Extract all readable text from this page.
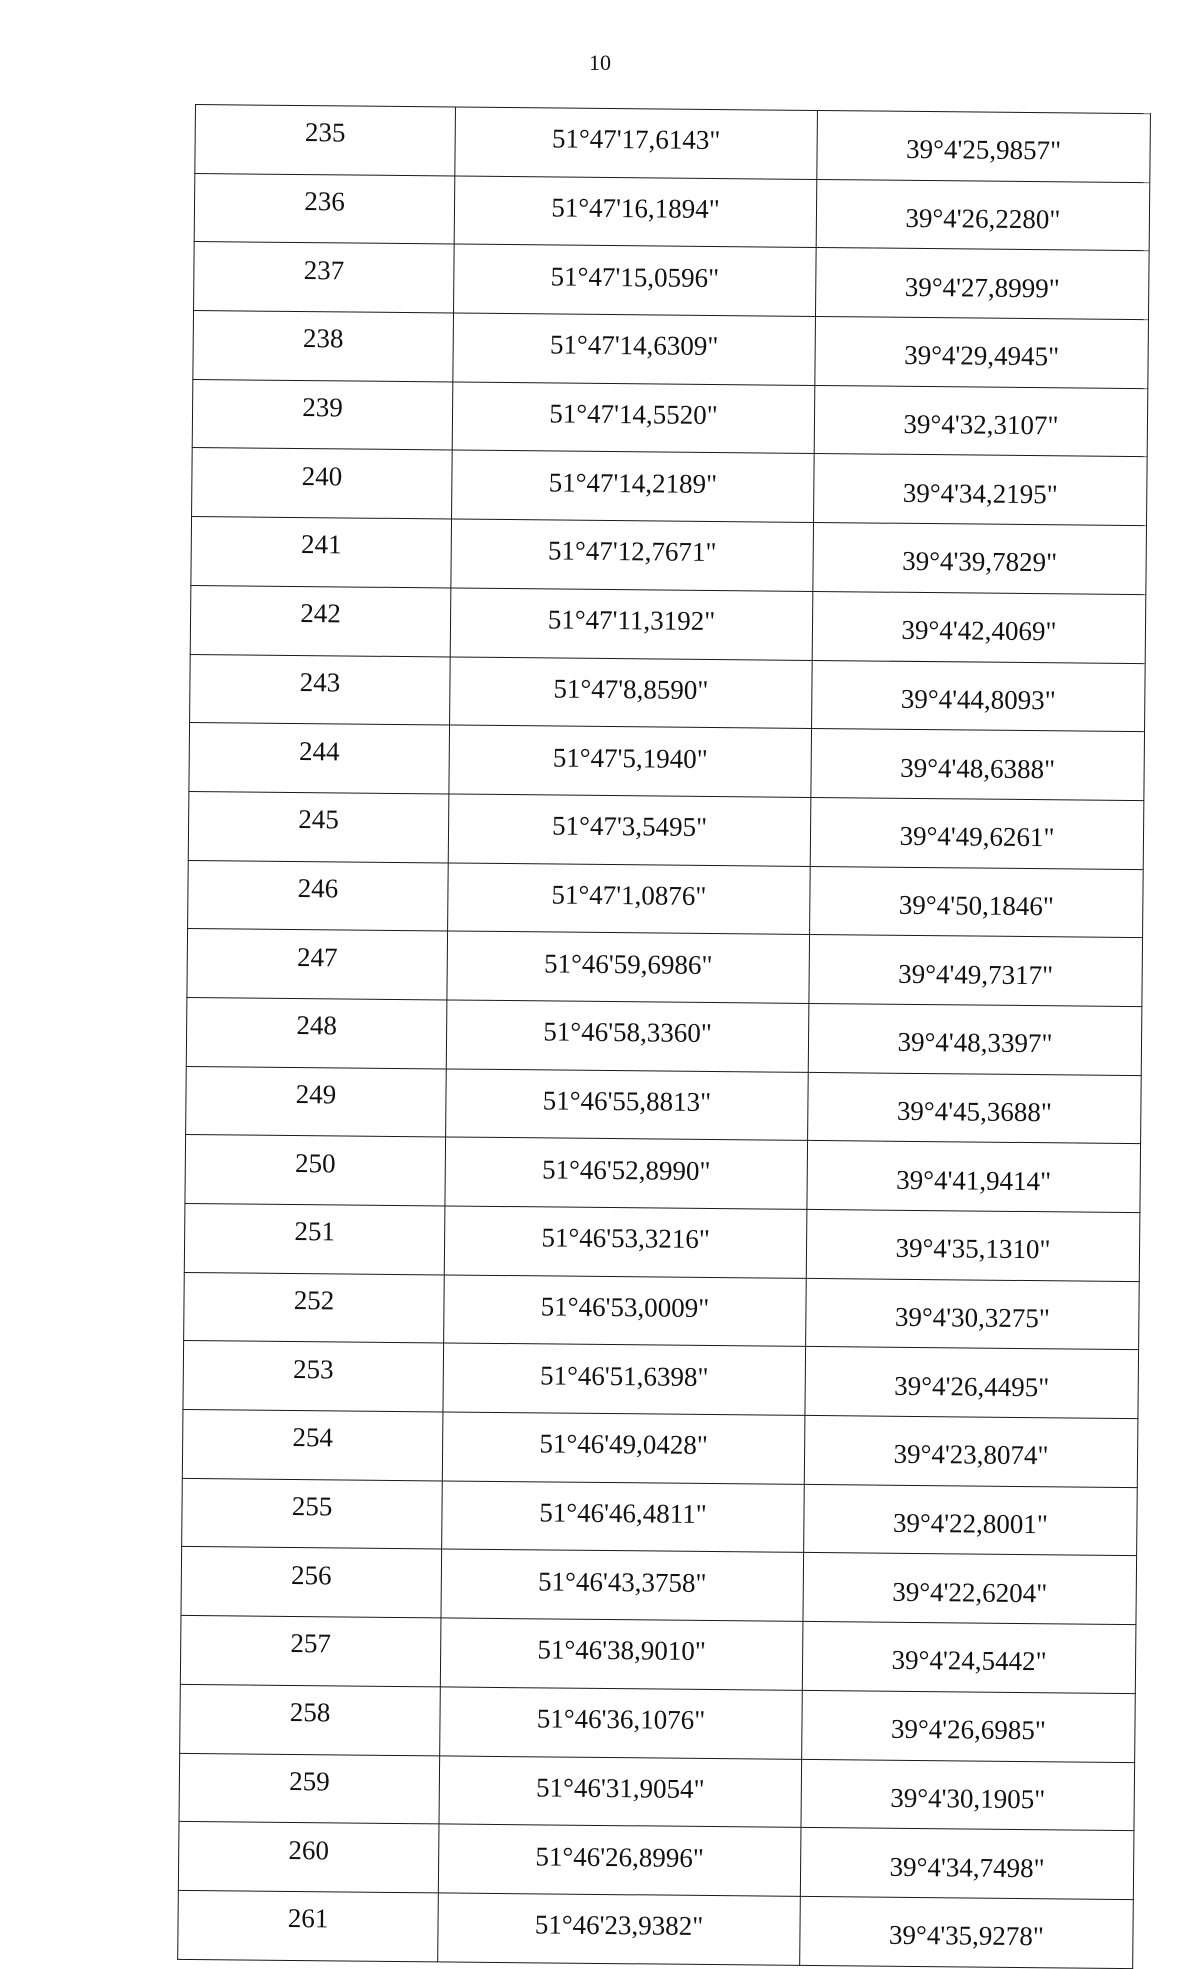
10
235	51°47'17,6143"	39°4'25,9857"
236	51°47'16,1894"	39°4'26,2280"
237	51°47'15,0596"	39°4'27,8999"
238	51°47'14,6309"	39°4'29,4945"
239	51°47'14,5520"	39°4'32,3107"
240	51°47'14,2189"	39°4'34,2195"
241	51°47'12,7671"	39°4'39,7829"
242	51°47'11,3192"	39°4'42,4069"
243	51°47'8,8590"	39°4'44,8093"
244	51°47'5,1940"	39°4'48,6388"
245	51°47'3,5495"	39°4'49,6261"
246	51°47'1,0876"	39°4'50,1846"
247	51°46'59,6986"	39°4'49,7317"
248	51°46'58,3360"	39°4'48,3397"
249	51°46'55,8813"	39°4'45,3688"
250	51°46'52,8990"	39°4'41,9414"
251	51°46'53,3216"	39°4'35,1310"
252	51°46'53,0009"	39°4'30,3275"
253	51°46'51,6398"	39°4'26,4495"
254	51°46'49,0428"	39°4'23,8074"
255	51°46'46,4811"	39°4'22,8001"
256	51°46'43,3758"	39°4'22,6204"
257	51°46'38,9010"	39°4'24,5442"
258	51°46'36,1076"	39°4'26,6985"
259	51°46'31,9054"	39°4'30,1905"
260	51°46'26,8996"	39°4'34,7498"
261	51°46'23,9382"	39°4'35,9278"
